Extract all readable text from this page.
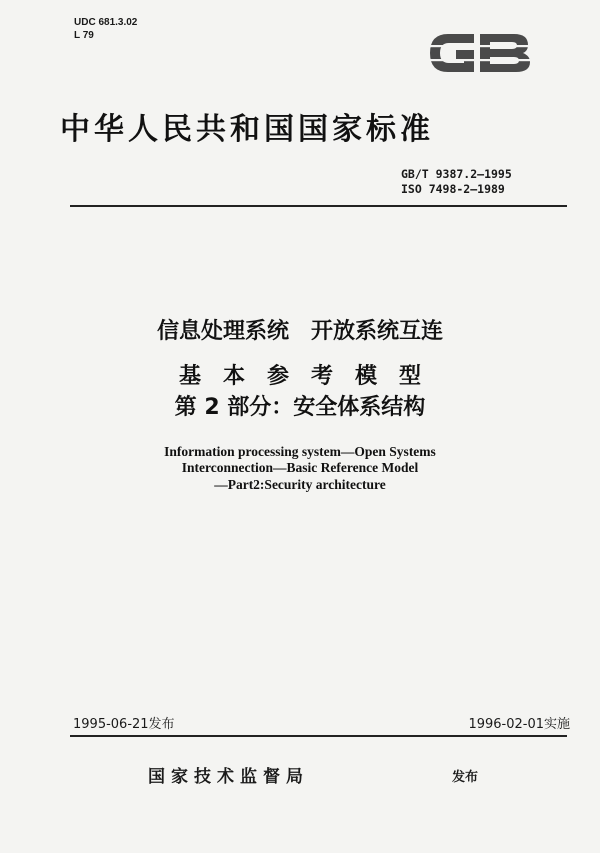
UDC 681.3.02
L 79
中华人民共和国国家标准
GB/T 9387.2—1995
ISO 7498-2—1989
信息处理系统　开放系统互连
基本参考模型
第 2 部分：安全体系结构
Information processing system—Open Systems
Interconnection—Basic Reference Model
—Part2:Security architecture
1995-06-21发布	1996-02-01实施
国家技术监督局	发布
